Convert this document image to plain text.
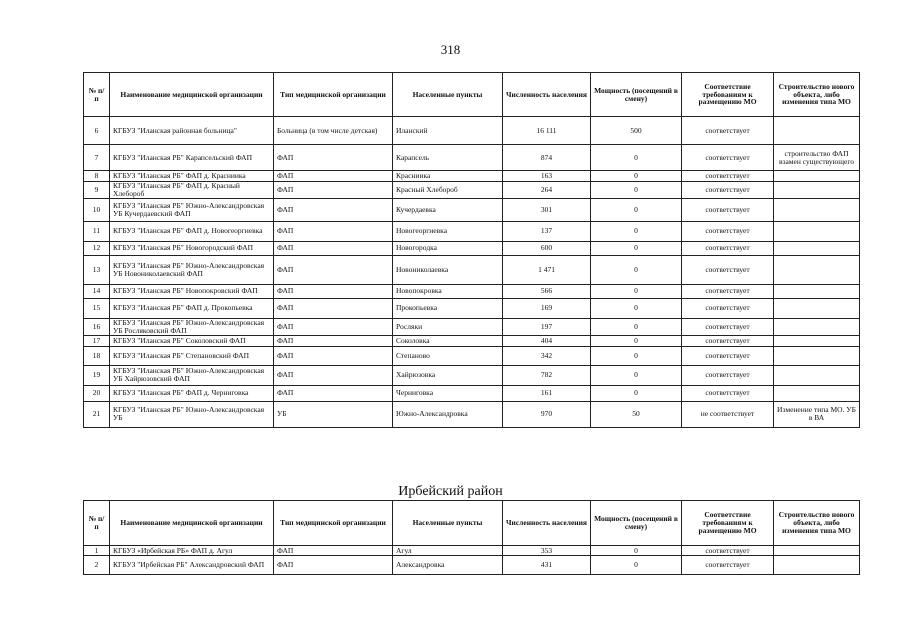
318
№ п/п	Наименование медицинской организации	Тип медицинской организации	Населенные пункты	Численность населения	Мощность (посещений в смену)	Соответствие требованиям к размещению МО	Строительство нового объекта, либо изменения типа МО
6	КГБУЗ "Иланская районная больница"	Больница (в том числе детская)	Иланский	16 111	500	соответствует	
7	КГБУЗ "Иланская РБ" Карапсельский ФАП	ФАП	Карапсель	874	0	соответствует	строительство ФАП взамен существующего
8	КГБУЗ "Иланская РБ" ФАП д. Красниика	ФАП	Красниика	163	0	соответствует	
9	КГБУЗ "Иланская РБ" ФАП д. Красный Хлебороб	ФАП	Красный Хлебороб	264	0	соответствует	
10	КГБУЗ "Иланская РБ" Южно-Александровская УБ Кучердаевский ФАП	ФАП	Кучердаевка	301	0	соответствует	
11	КГБУЗ "Иланская РБ" ФАП д. Новогеоргиевка	ФАП	Новогеоргиевка	137	0	соответствует	
12	КГБУЗ "Иланская РБ" Новогородский ФАП	ФАП	Новогородка	600	0	соответствует	
13	КГБУЗ "Иланская РБ" Южно-Александровская УБ Новониколаевский ФАП	ФАП	Новониколаевка	1 471	0	соответствует	
14	КГБУЗ "Иланская РБ" Новопокровский ФАП	ФАП	Новопокровка	566	0	соответствует	
15	КГБУЗ "Иланская РБ" ФАП д. Прокопьевка	ФАП	Прокопьевка	169	0	соответствует	
16	КГБУЗ "Иланская РБ" Южно-Александровская УБ Росляковский ФАП	ФАП	Росляки	197	0	соответствует	
17	КГБУЗ "Иланская РБ" Соколовский ФАП	ФАП	Соколовка	404	0	соответствует	
18	КГБУЗ "Иланская РБ" Степановский ФАП	ФАП	Степаново	342	0	соответствует	
19	КГБУЗ "Иланская РБ" Южно-Александровская УБ Хайрюзовский ФАП	ФАП	Хайрюзовка	782	0	соответствует	
20	КГБУЗ "Иланская РБ" ФАП д. Черниговка	ФАП	Черниговка	161	0	соответствует	
21	КГБУЗ "Иланская РБ" Южно-Александровская УБ	УБ	Южно-Александровка	970	50	не соответствует	Изменение типа МО. УБ в ВА
Ирбейский район
№ п/п	Наименование медицинской организации	Тип медицинской организации	Населенные пункты	Численность населения	Мощность (посещений в смену)	Соответствие требованиям к размещению МО	Строительство нового объекта, либо изменения типа МО
1	КГБУЗ «Ирбейская РБ» ФАП д. Агул	ФАП	Агул	353	0	соответствует	
2	КГБУЗ "Ирбейская РБ" Александровский ФАП	ФАП	Александровка	431	0	соответствует	
